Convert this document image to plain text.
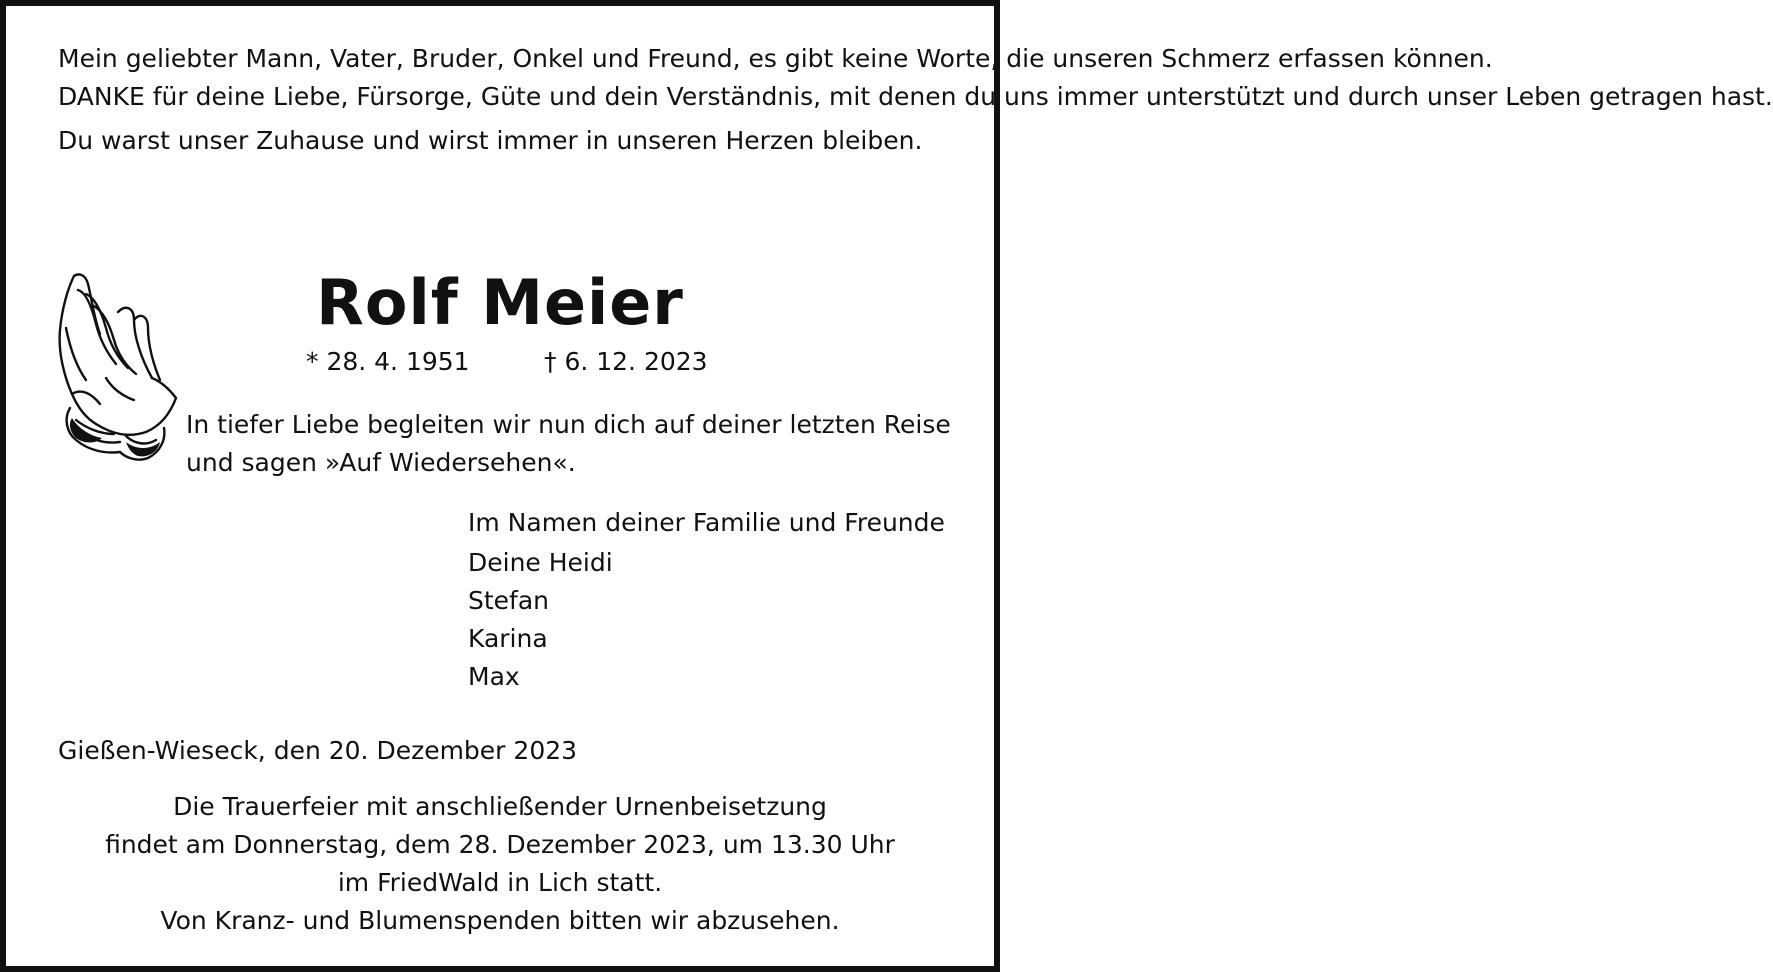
Mein geliebter Mann, Vater, Bruder, Onkel und Freund, es gibt keine Worte, die unseren Schmerz erfassen können.

DANKE für deine Liebe, Fürsorge, Güte und dein Verständnis, mit denen du uns immer unterstützt und durch unser Leben getragen hast.

Du warst unser Zuhause und wirst immer in unseren Herzen bleiben.

Rolf Meier
* 28. 4. 1951	† 6. 12. 2023

In tiefer Liebe begleiten wir nun dich auf deiner letzten Reise

und sagen »Auf Wiedersehen«.

Im Namen deiner Familie und Freunde

Deine Heidi

Stefan

Karina

Max

Gießen-Wieseck, den 20. Dezember 2023

Die Trauerfeier mit anschließender Urnenbeisetzung

findet am Donnerstag, dem 28. Dezember 2023, um 13.30 Uhr

im FriedWald in Lich statt.

Von Kranz- und Blumenspenden bitten wir abzusehen.
